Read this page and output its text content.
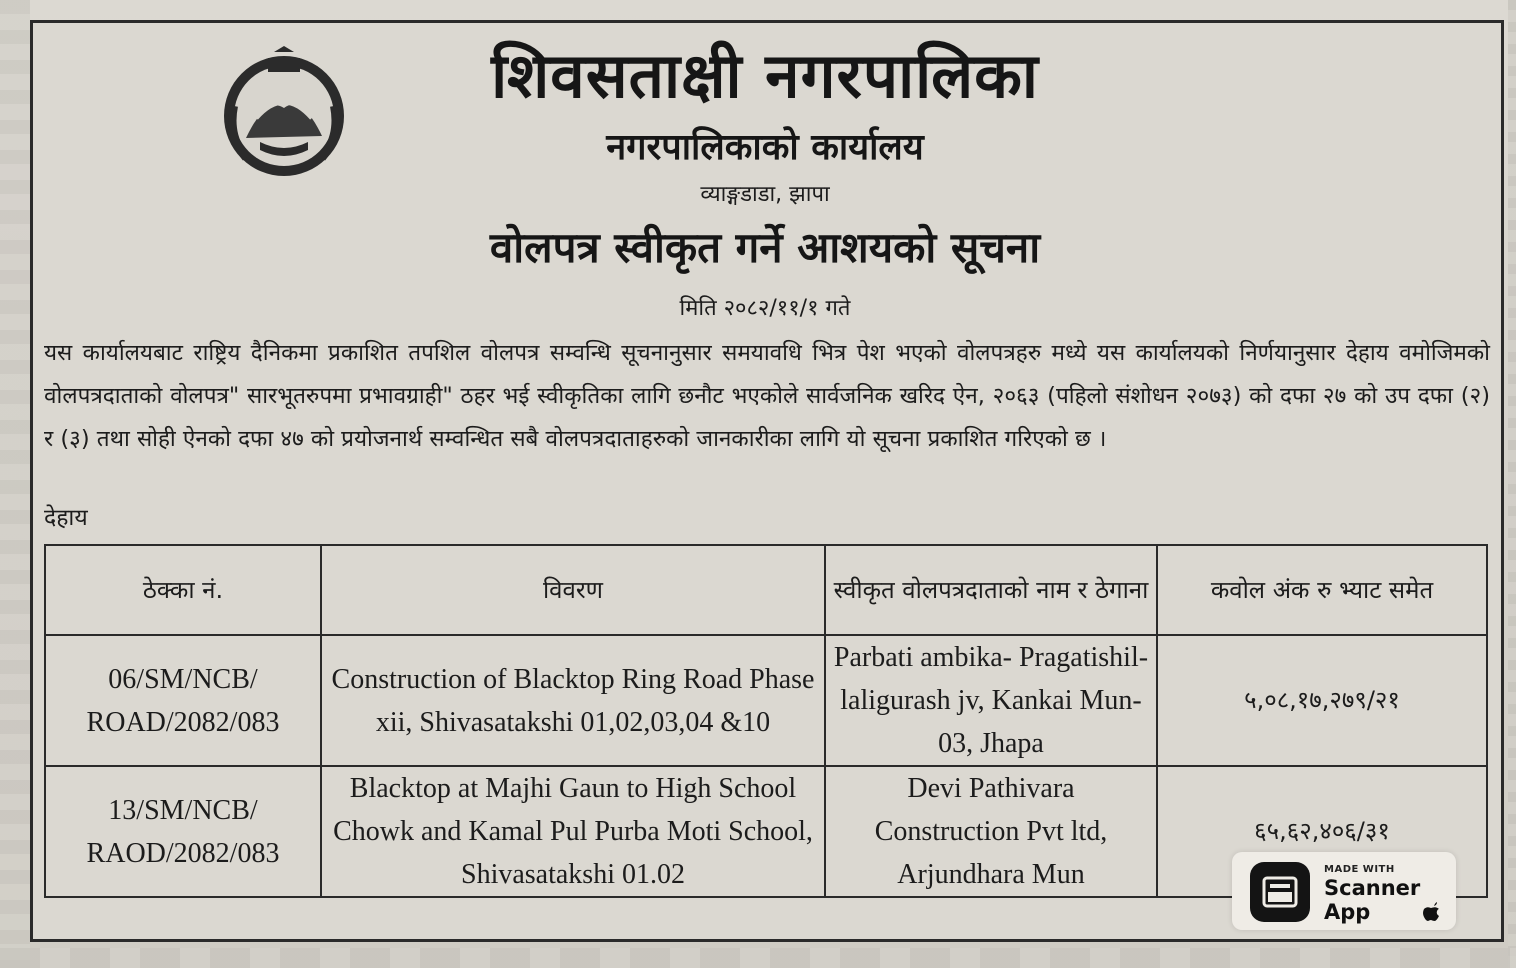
शिवसताक्षी नगरपालिका
नगरपालिकाको कार्यालय
व्याङ्गडाडा, झापा
वोलपत्र स्वीकृत गर्ने आशयको सूचना
मिति २०८२/११/१ गते
यस कार्यालयबाट राष्ट्रिय दैनिकमा प्रकाशित तपशिल वोलपत्र सम्वन्धि सूचनानुसार समयावधि भित्र पेश भएको वोलपत्रहरु मध्ये यस कार्यालयको निर्णयानुसार देहाय वमोजिमको वोलपत्रदाताको वोलपत्र" सारभूतरुपमा प्रभावग्राही" ठहर भई स्वीकृतिका लागि छनौट भएकोले सार्वजनिक खरिद ऐन, २०६३ (पहिलो संशोधन २०७३) को दफा २७ को उप दफा (२) र (३) तथा सोही ऐनको दफा ४७ को प्रयोजनार्थ सम्वन्धित सबै वोलपत्रदाताहरुको जानकारीका लागि यो सूचना प्रकाशित गरिएको छ ।
देहाय
ठेक्का नं.	विवरण	स्वीकृत वोलपत्रदाताको नाम र ठेगाना	कवोल अंक रु भ्याट समेत
06/SM/NCB/ ROAD/2082/083	Construction of Blacktop Ring Road Phase xii, Shivasatakshi 01,02,03,04 &10	Parbati ambika- Pragatishil-laligurash jv, Kankai Mun-03, Jhapa	५,०८,१७,२७९/२१
13/SM/NCB/ RAOD/2082/083	Blacktop at Majhi Gaun to High School Chowk and Kamal Pul Purba Moti School, Shivasatakshi 01.02	Devi Pathivara Construction Pvt ltd, Arjundhara Mun	६५,६२,४०६/३१
MADE WITH
Scanner App
